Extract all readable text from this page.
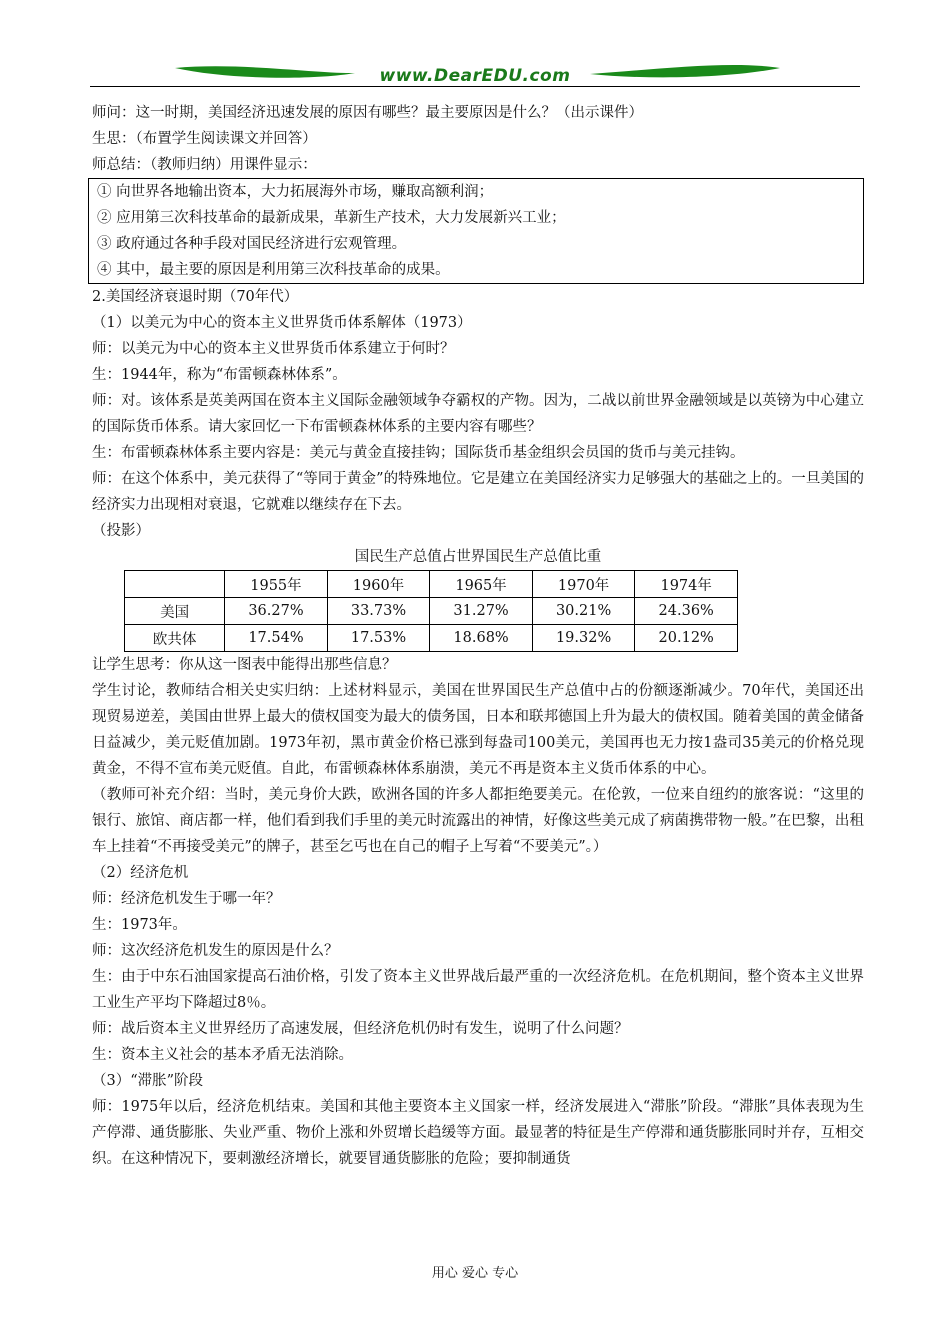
www.DearEDU.com

师问：这一时期，美国经济迅速发展的原因有哪些？最主要原因是什么？（出示课件）

生思：（布置学生阅读课文并回答）

师总结：（教师归纳）用课件显示：

① 向世界各地输出资本，大力拓展海外市场，赚取高额利润；

② 应用第三次科技革命的最新成果，革新生产技术，大力发展新兴工业；

③ 政府通过各种手段对国民经济进行宏观管理。

④ 其中，最主要的原因是利用第三次科技革命的成果。

2.美国经济衰退时期（70年代）

（1）以美元为中心的资本主义世界货币体系解体（1973）

师：以美元为中心的资本主义世界货币体系建立于何时？

生：1944年，称为“布雷顿森林体系”。

师：对。该体系是英美两国在资本主义国际金融领域争夺霸权的产物。因为，二战以前世界金融领域是以英镑为中心建立的国际货币体系。请大家回忆一下布雷顿森林体系的主要内容有哪些？

生：布雷顿森林体系主要内容是：美元与黄金直接挂钩；国际货币基金组织会员国的货币与美元挂钩。

师：在这个体系中，美元获得了“等同于黄金”的特殊地位。它是建立在美国经济实力足够强大的基础之上的。一旦美国的经济实力出现相对衰退，它就难以继续存在下去。

（投影）

国民生产总值占世界国民生产总值比重

	1955年	1960年	1965年	1970年	1974年
美国	36.27%	33.73%	31.27%	30.21%	24.36%
欧共体	17.54%	17.53%	18.68%	19.32%	20.12%

让学生思考：你从这一图表中能得出那些信息？

学生讨论，教师结合相关史实归纳：上述材料显示，美国在世界国民生产总值中占的份额逐渐减少。70年代，美国还出现贸易逆差，美国由世界上最大的债权国变为最大的债务国，日本和联邦德国上升为最大的债权国。随着美国的黄金储备日益减少，美元贬值加剧。1973年初，黑市黄金价格已涨到每盎司100美元，美国再也无力按1盎司35美元的价格兑现黄金，不得不宣布美元贬值。自此，布雷顿森林体系崩溃，美元不再是资本主义货币体系的中心。

（教师可补充介绍：当时，美元身价大跌，欧洲各国的许多人都拒绝要美元。在伦敦，一位来自纽约的旅客说：“这里的银行、旅馆、商店都一样，他们看到我们手里的美元时流露出的神情，好像这些美元成了病菌携带物一般。”在巴黎，出租车上挂着“不再接受美元”的牌子，甚至乞丐也在自己的帽子上写着“不要美元”。）

（2）经济危机

师：经济危机发生于哪一年？

生：1973年。

师：这次经济危机发生的原因是什么？

生：由于中东石油国家提高石油价格，引发了资本主义世界战后最严重的一次经济危机。在危机期间，整个资本主义世界工业生产平均下降超过8％。

师：战后资本主义世界经历了高速发展，但经济危机仍时有发生，说明了什么问题？

生：资本主义社会的基本矛盾无法消除。

（3）“滞胀”阶段

师：1975年以后，经济危机结束。美国和其他主要资本主义国家一样，经济发展进入“滞胀”阶段。“滞胀”具体表现为生产停滞、通货膨胀、失业严重、物价上涨和外贸增长趋缓等方面。最显著的特征是生产停滞和通货膨胀同时并存，互相交织。在这种情况下，要刺激经济增长，就要冒通货膨胀的危险；要抑制通货

用心 爱心 专心
